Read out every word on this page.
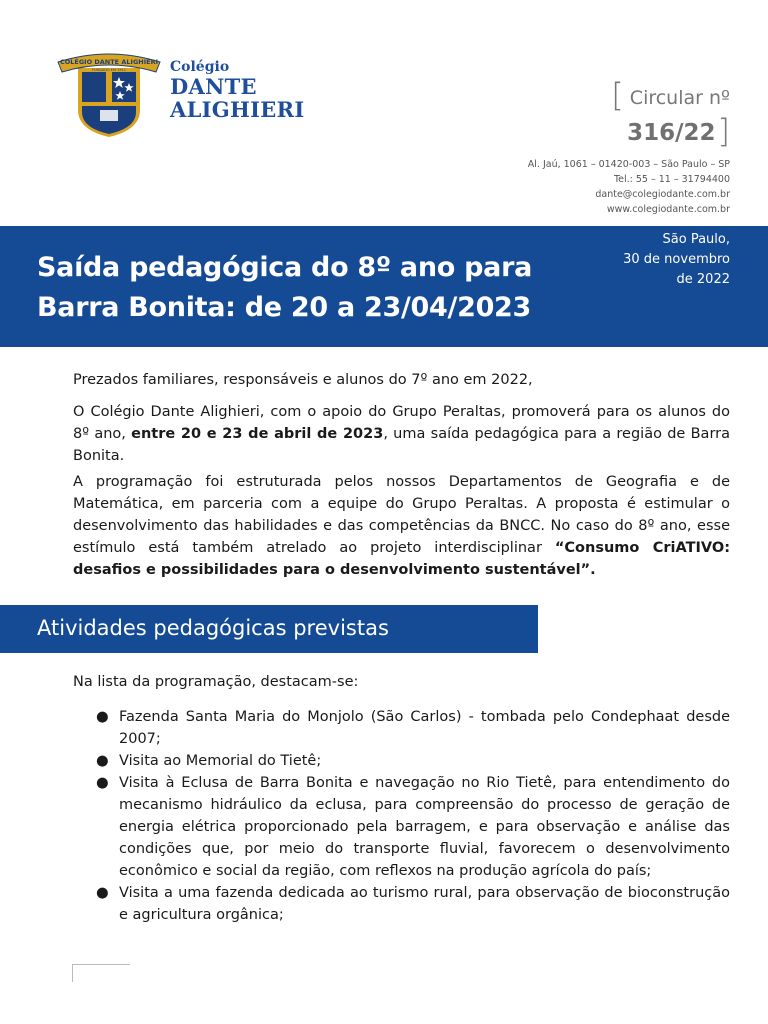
COLÉGIO DANTE ALIGHIERI
FUNDADO EM 1911	Colégio
DANTE
ALIGHIERI	[ Circular nº
316/22]
Al. Jaú, 1061 – 01420-003 – São Paulo – SP
Tel.: 55 – 11 – 31794400
dante@colegiodante.com.br
www.colegiodante.com.br
Saída pedagógica do 8º ano para
Barra Bonita: de 20 a 23/04/2023
São Paulo,
30 de novembro
de 2022

Prezados familiares, responsáveis e alunos do 7º ano em 2022,

O Colégio Dante Alighieri, com o apoio do Grupo Peraltas, promoverá para os alunos do 8º ano, entre 20 e 23 de abril de 2023, uma saída pedagógica para a região de Barra Bonita.

A programação foi estruturada pelos nossos Departamentos de Geografia e de Matemática, em parceria com a equipe do Grupo Peraltas. A proposta é estimular o desenvolvimento das habilidades e das competências da BNCC. No caso do 8º ano, esse estímulo está também atrelado ao projeto interdisciplinar “Consumo CriATIVO: desafios e possibilidades para o desenvolvimento sustentável”.

Atividades pedagógicas previstas

Na lista da programação, destacam-se:

● Fazenda Santa Maria do Monjolo (São Carlos) - tombada pelo Condephaat desde 2007;
● Visita ao Memorial do Tietê;
● Visita à Eclusa de Barra Bonita e navegação no Rio Tietê, para entendimento do mecanismo hidráulico da eclusa, para compreensão do processo de geração de energia elétrica proporcionado pela barragem, e para observação e análise das condições que, por meio do transporte fluvial, favorecem o desenvolvimento econômico e social da região, com reflexos na produção agrícola do país;
● Visita a uma fazenda dedicada ao turismo rural, para observação de bioconstrução e agricultura orgânica;
